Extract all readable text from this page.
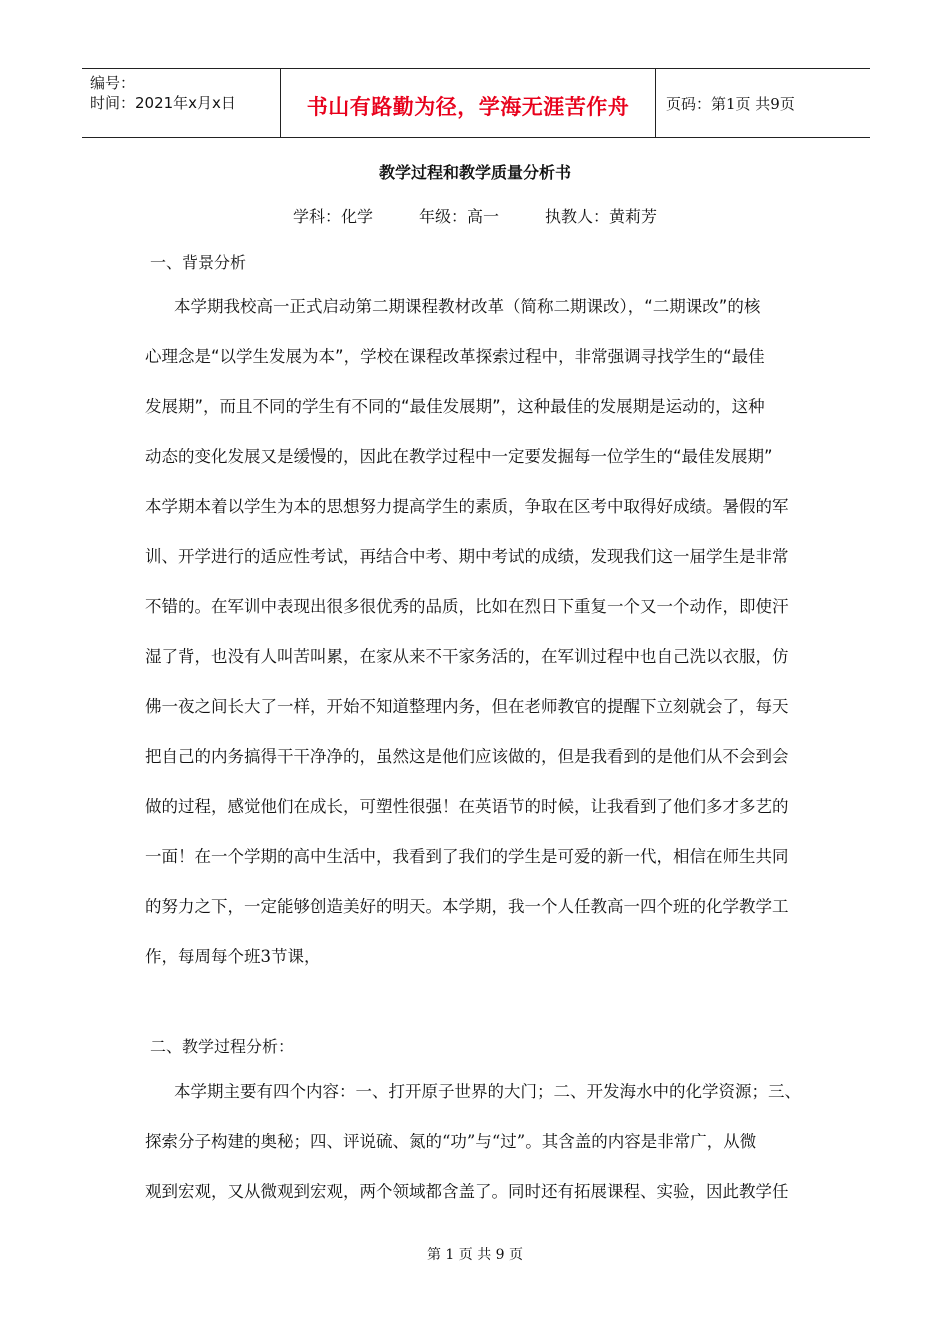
编号：
时间：2021年x月x日	书山有路勤为径，学海无涯苦作舟	页码：第1页 共9页
教学过程和教学质量分析书
学科：化学	年级：高一	执教人：黄莉芳
一、背景分析
本学期我校高一正式启动第二期课程教材改革（简称二期课改），“二期课改”的核
心理念是“以学生发展为本”，学校在课程改革探索过程中，非常强调寻找学生的“最佳
发展期”，而且不同的学生有不同的“最佳发展期”，这种最佳的发展期是运动的，这种
动态的变化发展又是缓慢的，因此在教学过程中一定要发掘每一位学生的“最佳发展期”
本学期本着以学生为本的思想努力提高学生的素质，争取在区考中取得好成绩。暑假的军
训、开学进行的适应性考试，再结合中考、期中考试的成绩，发现我们这一届学生是非常
不错的。在军训中表现出很多很优秀的品质，比如在烈日下重复一个又一个动作，即使汗
湿了背，也没有人叫苦叫累，在家从来不干家务活的，在军训过程中也自己洗以衣服，仿
佛一夜之间长大了一样，开始不知道整理内务，但在老师教官的提醒下立刻就会了，每天
把自己的内务搞得干干净净的，虽然这是他们应该做的，但是我看到的是他们从不会到会
做的过程，感觉他们在成长，可塑性很强！在英语节的时候，让我看到了他们多才多艺的
一面！在一个学期的高中生活中，我看到了我们的学生是可爱的新一代，相信在师生共同
的努力之下，一定能够创造美好的明天。本学期，我一个人任教高一四个班的化学教学工
作，每周每个班3节课，
二、教学过程分析：
本学期主要有四个内容：一、打开原子世界的大门；二、开发海水中的化学资源；三、
探索分子构建的奥秘；四、评说硫、氮的“功”与“过”。其含盖的内容是非常广，从微
观到宏观，又从微观到宏观，两个领域都含盖了。同时还有拓展课程、实验，因此教学任
第 1 页 共 9 页
